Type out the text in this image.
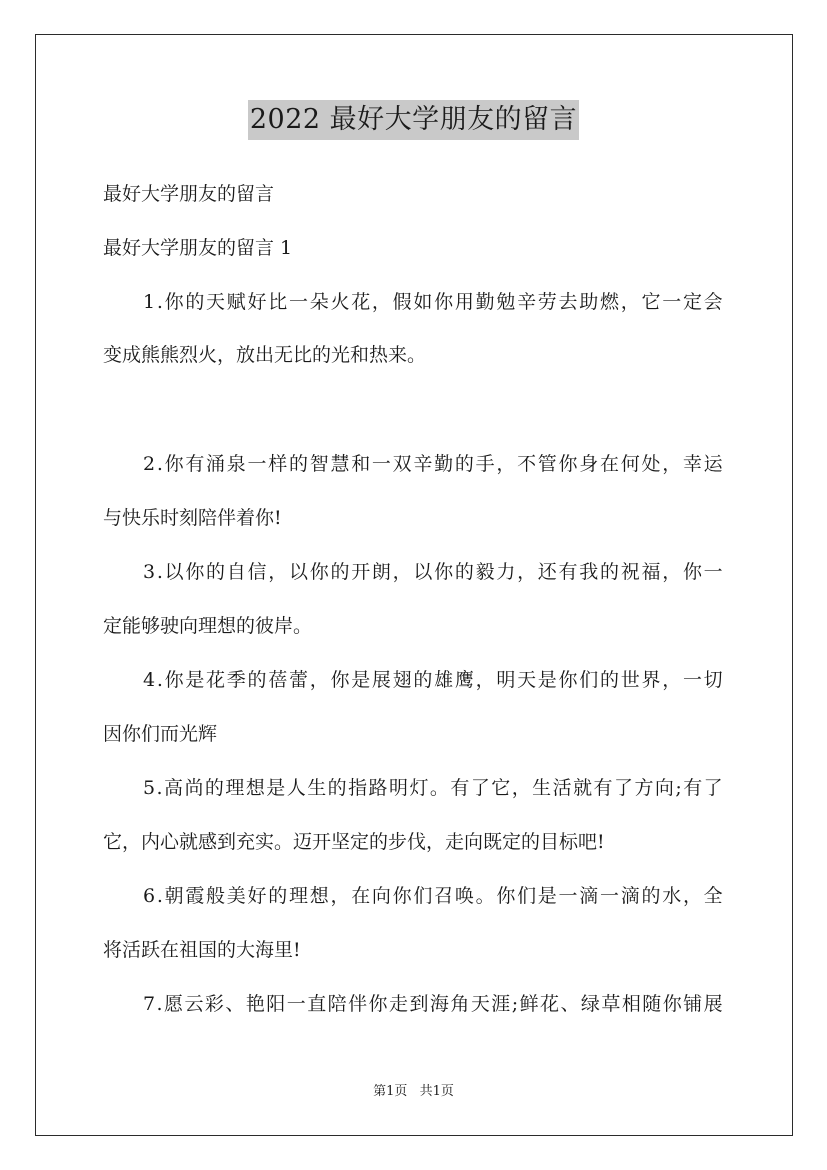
2022 最好大学朋友的留言
最好大学朋友的留言
最好大学朋友的留言 1
1 . 你 的 天 赋 好 比 一 朵 火 花 ， 假 如 你 用 勤 勉 辛 劳 去 助 燃 ， 它 一 定 会
变成熊熊烈火，放出无比的光和热来。
2 . 你 有 涌 泉 一 样 的 智 慧 和 一 双 辛 勤 的 手 ， 不 管 你 身 在 何 处 ， 幸 运
与快乐时刻陪伴着你!
3 . 以 你 的 自 信 ， 以 你 的 开 朗 ， 以 你 的 毅 力 ， 还 有 我 的 祝 福 ， 你 一
定能够驶向理想的彼岸。
4 . 你 是 花 季 的 蓓 蕾 ， 你 是 展 翅 的 雄 鹰 ， 明 天 是 你 们 的 世 界 ， 一 切
因你们而光辉
5 . 高 尚 的 理 想 是 人 生 的 指 路 明 灯 。 有 了 它 ， 生 活 就 有 了 方 向 ; 有 了
它，内心就感到充实。迈开坚定的步伐，走向既定的目标吧!
6 . 朝 霞 般 美 好 的 理 想 ， 在 向 你 们 召 唤 。 你 们 是 一 滴 一 滴 的 水 ， 全
将活跃在祖国的大海里!
7 . 愿 云 彩 、 艳 阳 一 直 陪 伴 你 走 到 海 角 天 涯 ; 鲜 花 、 绿 草 相 随 你 铺 展
第1页 共1页
